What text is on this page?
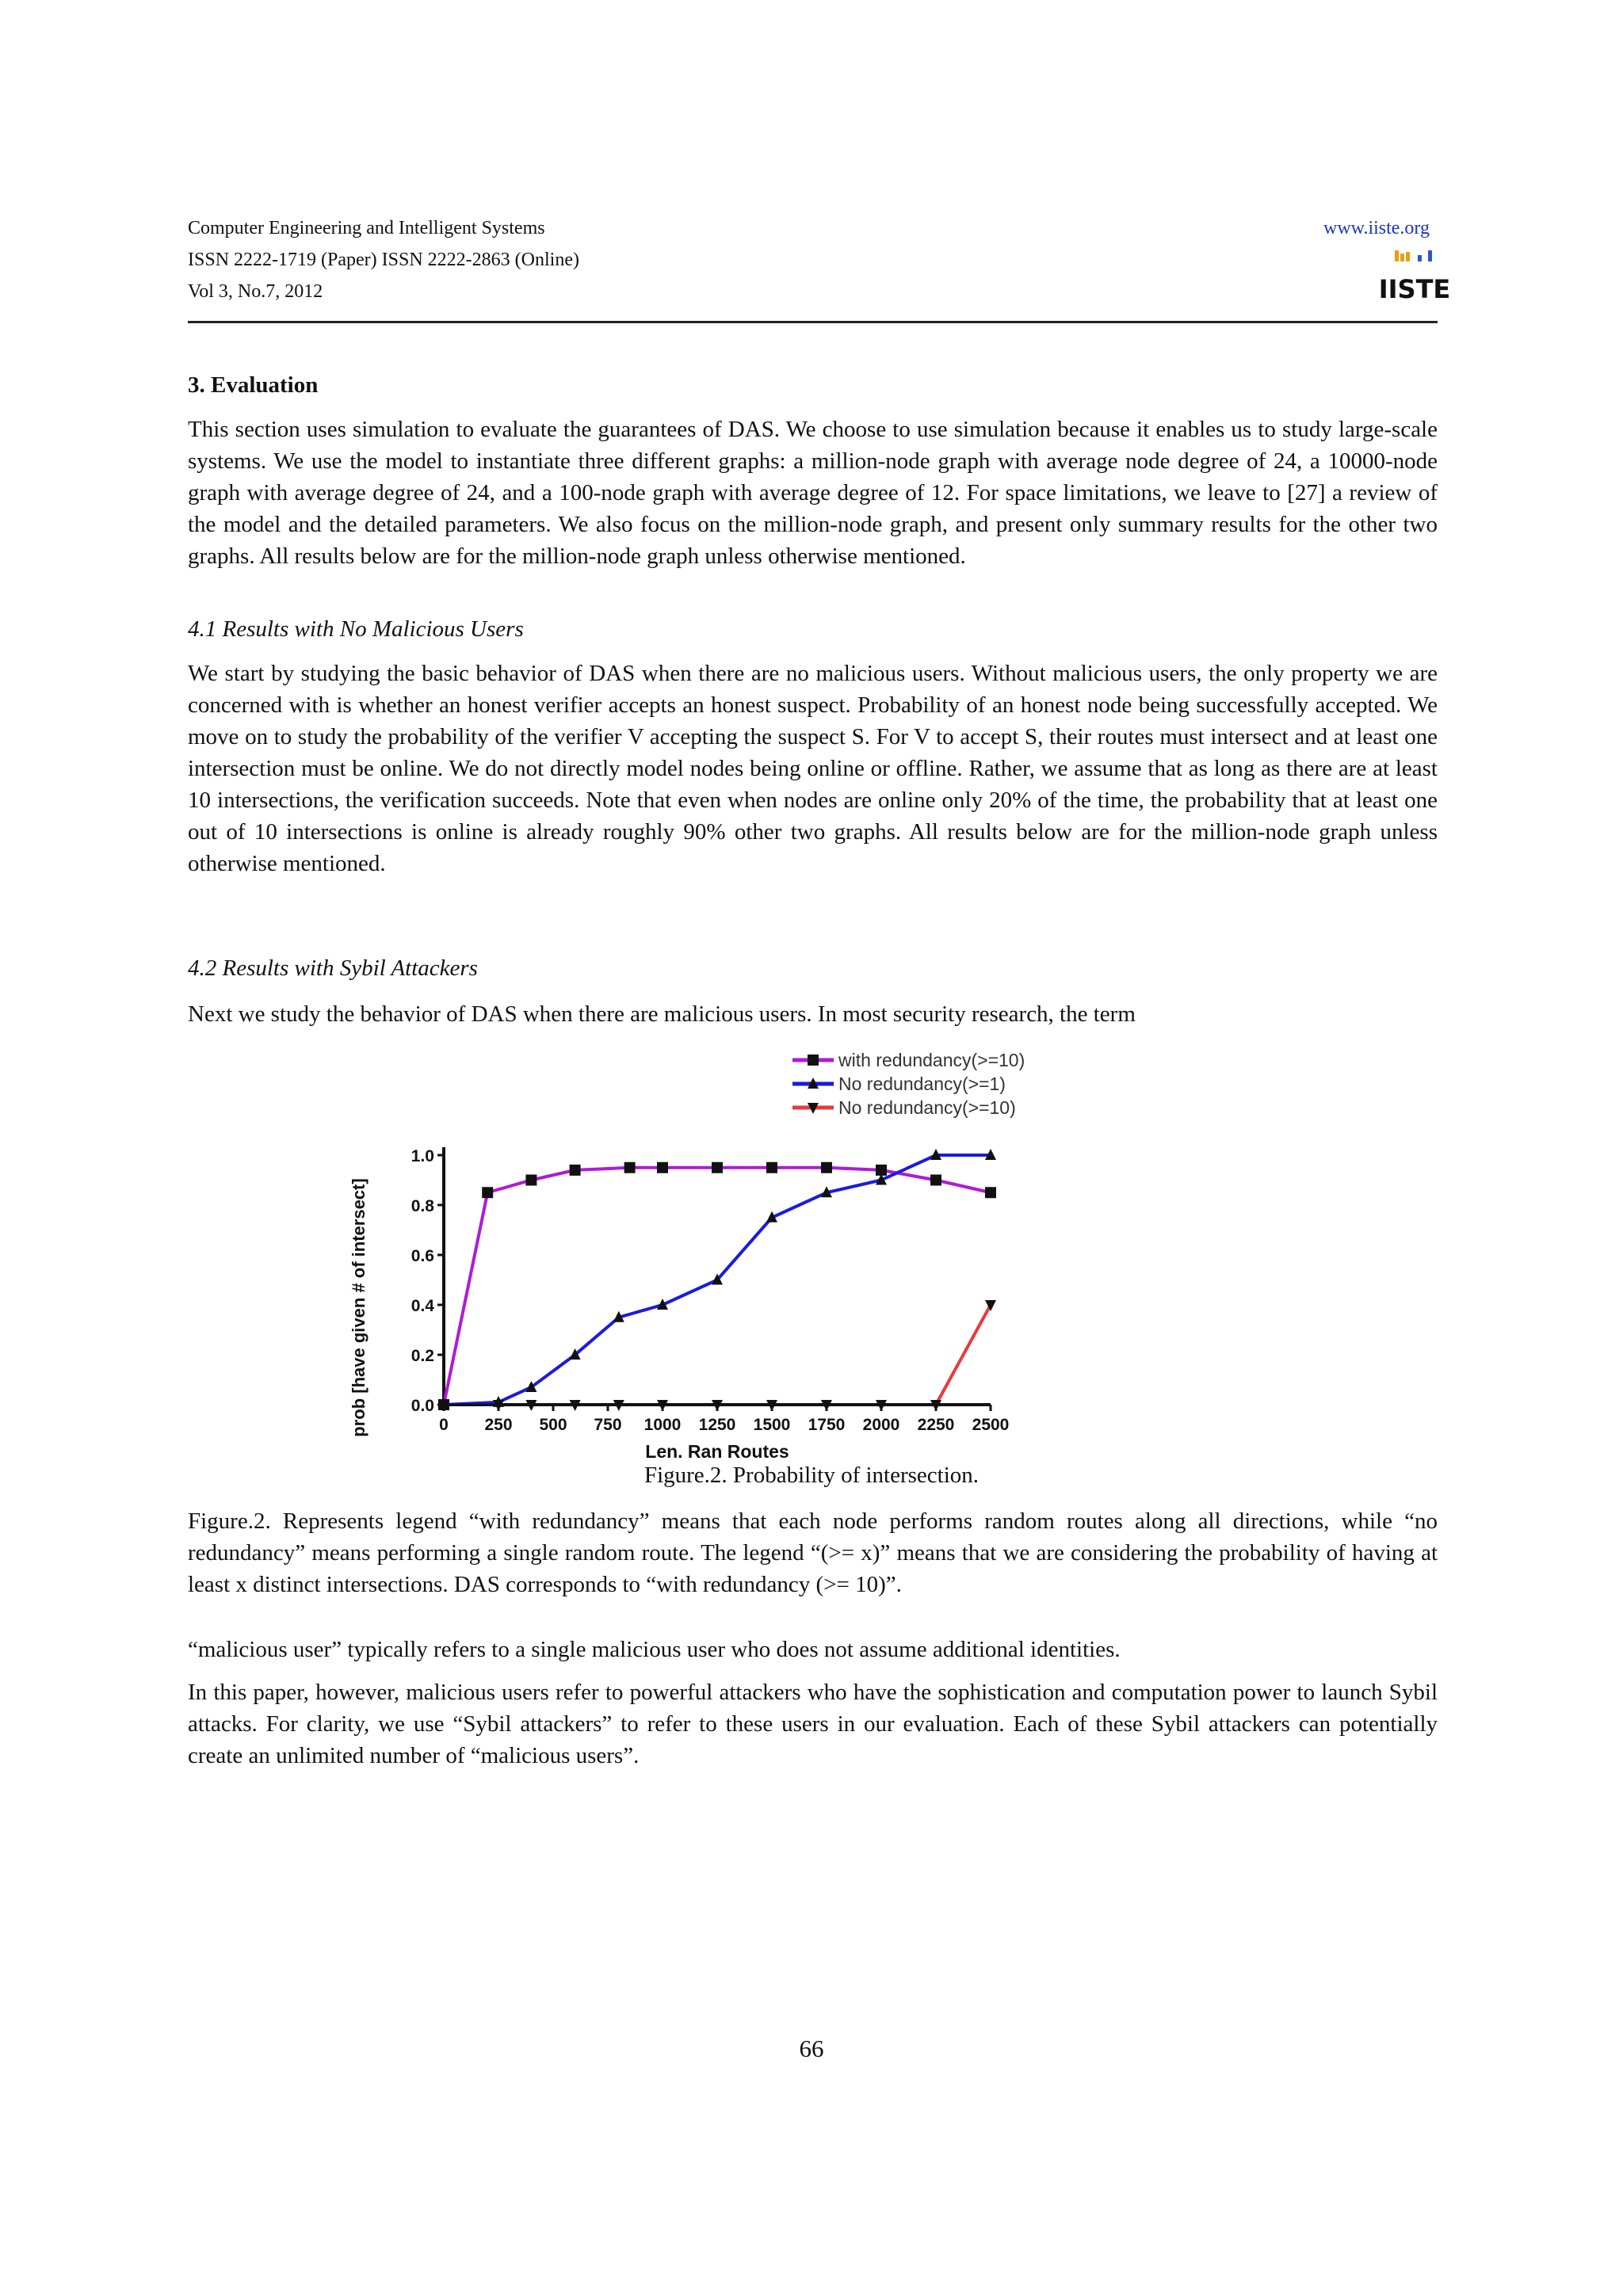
Computer Engineering and Intelligent Systems
ISSN 2222-1719 (Paper) ISSN 2222-2863 (Online)
Vol 3, No.7, 2012
www.iiste.org
IISTE
3. Evaluation
This section uses simulation to evaluate the guarantees of DAS. We choose to use simulation because it enables us to study large-scale systems. We use the model to instantiate three different graphs: a million-node graph with average node degree of 24, a 10000-node graph with average degree of 24, and a 100-node graph with average degree of 12. For space limitations, we leave to [27] a review of the model and the detailed parameters. We also focus on the million-node graph, and present only summary results for the other two graphs. All results below are for the million-node graph unless otherwise mentioned.
4.1 Results with No Malicious Users
We start by studying the basic behavior of DAS when there are no malicious users. Without malicious users, the only property we are concerned with is whether an honest verifier accepts an honest suspect. Probability of an honest node being successfully accepted. We move on to study the probability of the verifier V accepting the suspect S. For V to accept S, their routes must intersect and at least one intersection must be online. We do not directly model nodes being online or offline. Rather, we assume that as long as there are at least 10 intersections, the verification succeeds. Note that even when nodes are online only 20% of the time, the probability that at least one out of 10 intersections is online is already roughly 90% other two graphs. All results below are for the million-node graph unless otherwise mentioned.
4.2 Results with Sybil Attackers
Next we study the behavior of DAS when there are malicious users. In most security research, the term
with redundancy(>=10)
No redundancy(>=1)
No redundancy(>=10)
0.0
0.2
0.4
0.6
0.8
1.0
0 250 500 750 1000 1250 1500 1750 2000 2250 2500
prob [have given # of intersect]
Len. Ran Routes
Figure.2. Probability of intersection.
Figure.2. Represents legend “with redundancy” means that each node performs random routes along all directions, while “no redundancy” means performing a single random route. The legend “(>= x)” means that we are considering the probability of having at least x distinct intersections. DAS corresponds to “with redundancy (>= 10)”.
“malicious user” typically refers to a single malicious user who does not assume additional identities.
In this paper, however, malicious users refer to powerful attackers who have the sophistication and computation power to launch Sybil attacks. For clarity, we use “Sybil attackers” to refer to these users in our evaluation. Each of these Sybil attackers can potentially create an unlimited number of “malicious users”.
66
